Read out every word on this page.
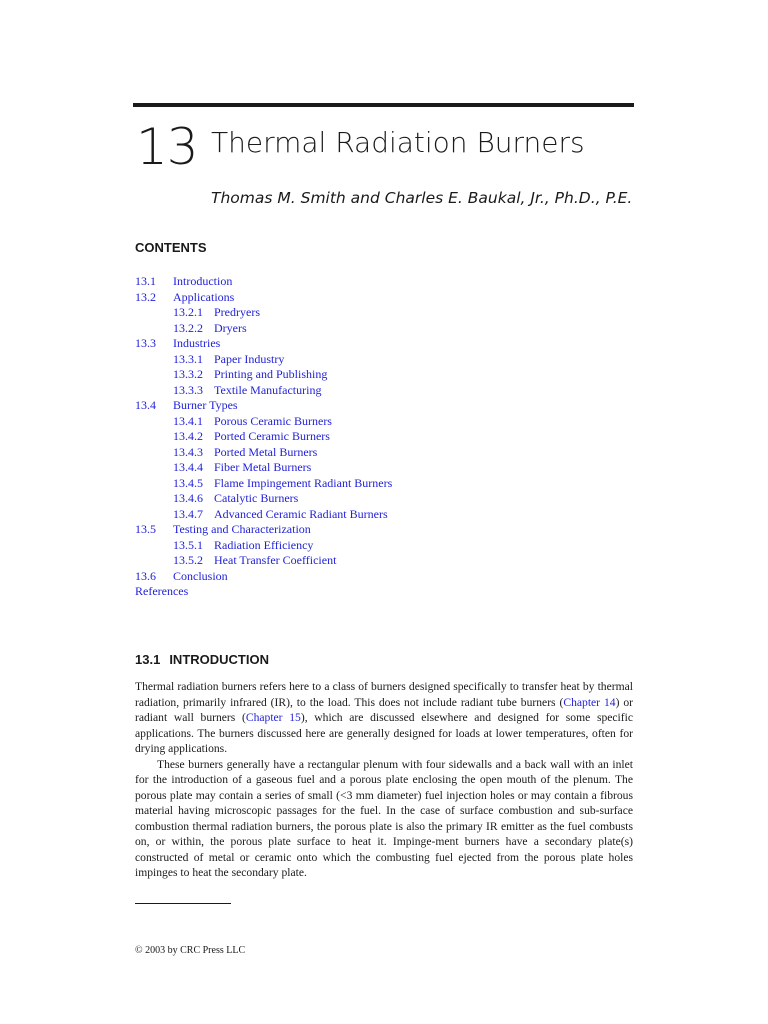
13 Thermal Radiation Burners
Thomas M. Smith and Charles E. Baukal, Jr., Ph.D., P.E.
CONTENTS
13.1 Introduction
13.2 Applications
13.2.1 Predryers
13.2.2 Dryers
13.3 Industries
13.3.1 Paper Industry
13.3.2 Printing and Publishing
13.3.3 Textile Manufacturing
13.4 Burner Types
13.4.1 Porous Ceramic Burners
13.4.2 Ported Ceramic Burners
13.4.3 Ported Metal Burners
13.4.4 Fiber Metal Burners
13.4.5 Flame Impingement Radiant Burners
13.4.6 Catalytic Burners
13.4.7 Advanced Ceramic Radiant Burners
13.5 Testing and Characterization
13.5.1 Radiation Efficiency
13.5.2 Heat Transfer Coefficient
13.6 Conclusion
References
13.1 INTRODUCTION

Thermal radiation burners refers here to a class of burners designed specifically to transfer heat by thermal radiation, primarily infrared (IR), to the load. This does not include radiant tube burners (Chapter 14) or radiant wall burners (Chapter 15), which are discussed elsewhere and designed for some specific applications. The burners discussed here are generally designed for loads at lower temperatures, often for drying applications.

These burners generally have a rectangular plenum with four sidewalls and a back wall with an inlet for the introduction of a gaseous fuel and a porous plate enclosing the open mouth of the plenum. The porous plate may contain a series of small (<3 mm diameter) fuel injection holes or may contain a fibrous material having microscopic passages for the fuel. In the case of surface combustion and sub-surface combustion thermal radiation burners, the porous plate is also the primary IR emitter as the fuel combusts on, or within, the porous plate surface to heat it. Impinge-ment burners have a secondary plate(s) constructed of metal or ceramic onto which the combusting fuel ejected from the porous plate holes impinges to heat the secondary plate.

© 2003 by CRC Press LLC
